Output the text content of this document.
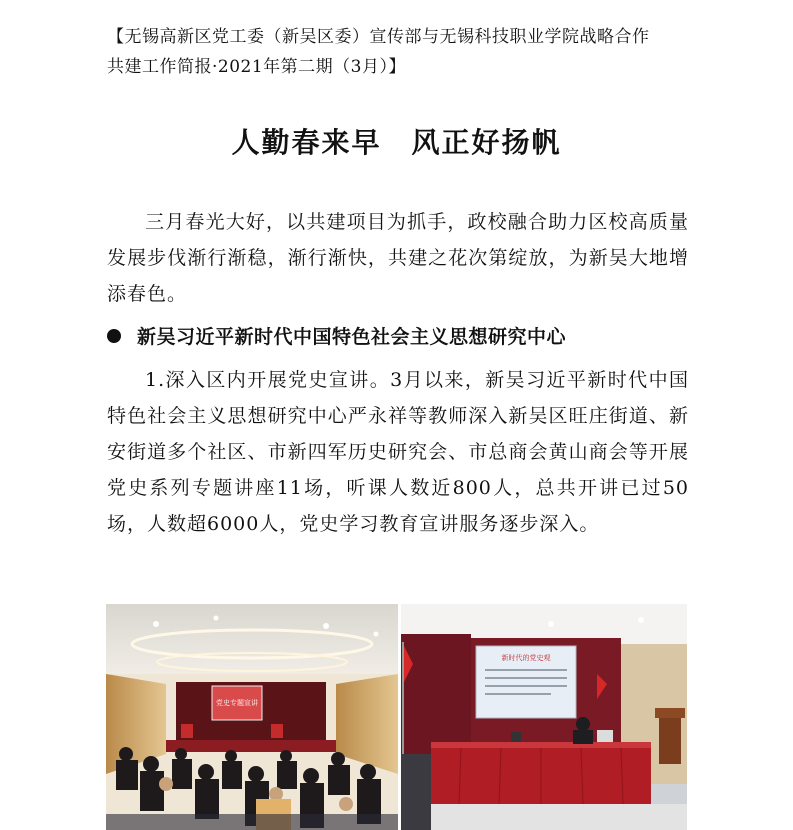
【无锡高新区党工委（新吴区委）宣传部与无锡科技职业学院战略合作
共建工作简报·2021年第二期（3月）】
人勤春来早　风正好扬帆
三月春光大好，以共建项目为抓手，政校融合助力区校高质量发展步伐渐行渐稳，渐行渐快，共建之花次第绽放，为新吴大地增添春色。
新吴习近平新时代中国特色社会主义思想研究中心
1.深入区内开展党史宣讲。3月以来，新吴习近平新时代中国特色社会主义思想研究中心严永祥等教师深入新吴区旺庄街道、新安街道多个社区、市新四军历史研究会、市总商会黄山商会等开展党史系列专题讲座11场，听课人数近800人，总共开讲已过50场，人数超6000人，党史学习教育宣讲服务逐步深入。
党史专题宣讲
新时代的党史观
